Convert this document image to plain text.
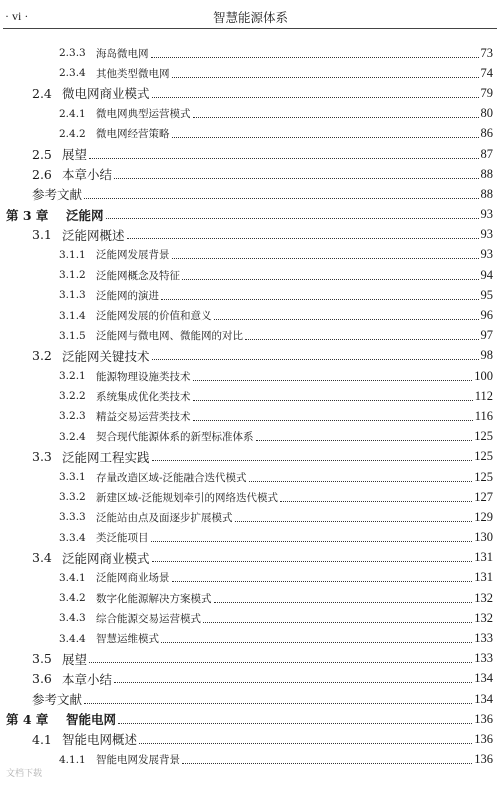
· vi ·	智慧能源体系
2.3.3 海岛微电网	73
2.3.4 其他类型微电网	74
2.4 微电网商业模式	79
2.4.1 微电网典型运营模式	80
2.4.2 微电网经营策略	86
2.5 展望	87
2.6 本章小结	88
参考文献	88
第 3 章	泛能网	93
3.1 泛能网概述	93
3.1.1 泛能网发展背景	93
3.1.2 泛能网概念及特征	94
3.1.3 泛能网的演进	95
3.1.4 泛能网发展的价值和意义	96
3.1.5 泛能网与微电网、微能网的对比	97
3.2 泛能网关键技术	98
3.2.1 能源物理设施类技术	100
3.2.2 系统集成优化类技术	112
3.2.3 精益交易运营类技术	116
3.2.4 契合现代能源体系的新型标准体系	125
3.3 泛能网工程实践	125
3.3.1 存量改造区域-泛能融合迭代模式	125
3.3.2 新建区域-泛能规划牵引的网络迭代模式	127
3.3.3 泛能站由点及面逐步扩展模式	129
3.3.4 类泛能项目	130
3.4 泛能网商业模式	131
3.4.1 泛能网商业场景	131
3.4.2 数字化能源解决方案模式	132
3.4.3 综合能源交易运营模式	132
3.4.4 智慧运维模式	133
3.5 展望	133
3.6 本章小结	134
参考文献	134
第 4 章	智能电网	136
4.1 智能电网概述	136
4.1.1 智能电网发展背景	136
文档下载
